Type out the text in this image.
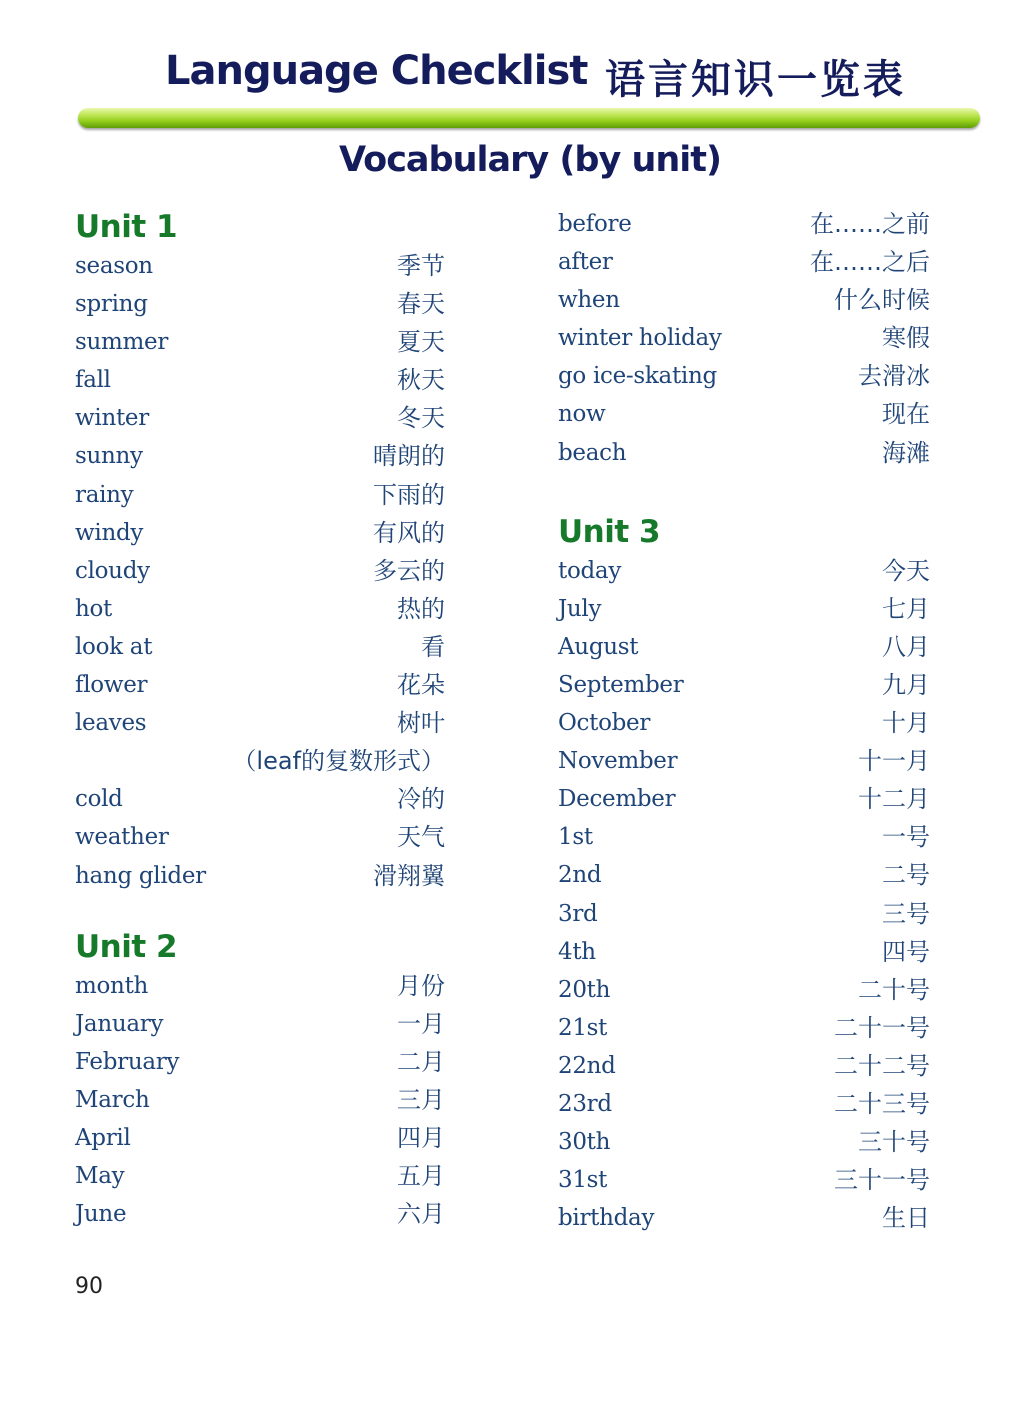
Language Checklist 语言知识一览表
Vocabulary (by unit)
Unit 1
season	季节
spring	春天
summer	夏天
fall	秋天
winter	冬天
sunny	晴朗的
rainy	下雨的
windy	有风的
cloudy	多云的
hot	热的
look at	看
flower	花朵
leaves	树叶
（leaf的复数形式）
cold	冷的
weather	天气
hang glider	滑翔翼
Unit 2
month	月份
January	一月
February	二月
March	三月
April	四月
May	五月
June	六月
before	在……之前
after	在……之后
when	什么时候
winter holiday	寒假
go ice-skating	去滑冰
now	现在
beach	海滩
Unit 3
today	今天
July	七月
August	八月
September	九月
October	十月
November	十一月
December	十二月
1st	一号
2nd	二号
3rd	三号
4th	四号
20th	二十号
21st	二十一号
22nd	二十二号
23rd	二十三号
30th	三十号
31st	三十一号
birthday	生日
90
